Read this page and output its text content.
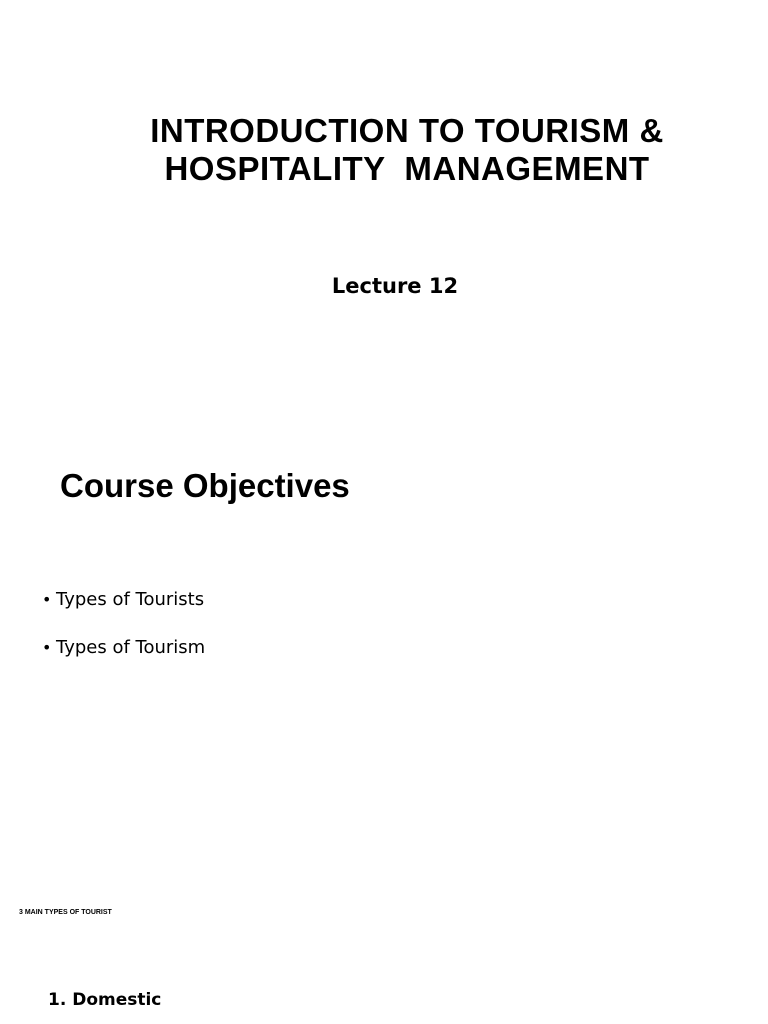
INTRODUCTION TO TOURISM &
HOSPITALITY  MANAGEMENT
Lecture 12
Course Objectives
• Types of Tourists
• Types of Tourism
3 MAIN TYPES OF TOURIST
1. Domestic
